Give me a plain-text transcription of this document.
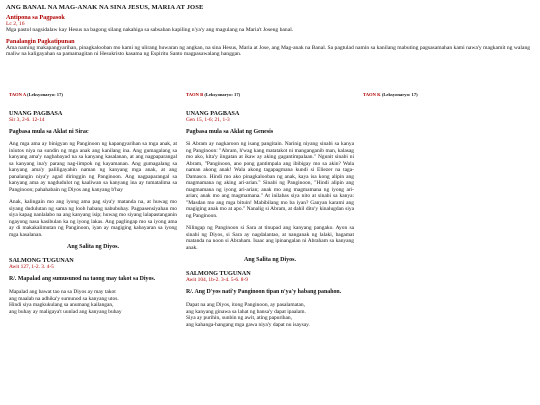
ANG BANAL NA MAG-ANAK NA SINA JESUS, MARIA AT JOSE
Antipona sa Pagpasok
Lc 2, 16

Mga pastol nagsidalaw kay Hesus na bagong silang nakahiga sa sabsaban kapiling n'ya'y ang magulang na Maria't Joseng banal.

Panalangin Pagkatipunan

Ama naming makapangyarihan, pinagkalooban mo kami ng ulirang huwaran ng angkan, na sina Hesus, Maria at Jose, ang Mag-anak na Banal. Sa pagtulad namin sa kanilang mabuting pagsasamahan kami nawa'y magkamit ng walang maliw na kaligayahan sa pamamagitan ni Hesukristo kasama ng Espiritu Santo magpasawalang hanggan.

TAON A (Leksyonaryo: 17)
UNANG PAGBASA
Sir 3, 2-6. 12-14
Pagbasa mula sa Aklat ni Sirac

Ang mga ama ay binigyan ng Panginoon ng kapangyarihan sa mga anak, at iniutos niya na sundin ng mga anak ang kanilang ina. Ang gumagalang sa kanyang ama'y nagbabayad na sa kanyang kasalanan, at ang nagpaparangal sa kanyang ina'y parang nag-iimpok ng kayamanan. Ang gumagalang sa kanyang ama'y paliligayahin naman ng kanyang mga anak, at ang panalangin niya'y agad diringgin ng Panginoon. Ang nagpaparangal sa kanyang ama ay nagdudulot ng kaaliwan sa kanyang ina ay tumatalima sa Panginoon; pahahabain ng Diyos ang kanyang b'hay

Anak, kalingain mo ang iyong ama pag siya'y matanda na, at huwag mo siyang dudulutan ng sama ng loob habang nabubuhay. Pagpasensiyahan mo siya kapag nanlalabo na ang kanyang isip; huwag mo siyang lalapastanganin ngayong nasa kasibulan ka ng iyong lakas. Ang paglingap mo sa iyong ama ay di makakalimutan ng Panginoon, iyan ay magiging kabayaran sa iyong mga kasalanan.

Ang Salita ng Diyos.
SALMONG TUGUNAN
Awit 127, 1-2. 3. 4-5

R/. Mapalad ang sumusunod na taong may takot sa Diyos.

Mapalad ang bawat tao na sa Diyos ay may takot

ang maalab na adhika'y sumunod sa kanyang utos.

Hindi siya magkukulang sa anumang kailangan,

ang buhay ay maligaya't uunlad ang kanyang buhay

TAON B (Leksyonaryo: 17)
UNANG PAGBASA
Gen 15, 1-6; 21, 1-3
Pagbasa mula sa Aklat ng Genesis

Si Abram ay nagkaroon ng isang pangitain. Narinig niyang sinabi sa kanya ng Panginoon: "Abram, h'wag kang matatakot ni manganganib man, kalasag mo ako, kita'y iingatan at ikaw ay aking gagantimpalaan." Ngunit sinabi ni Abram, "Panginoon, ano pong gantimpala ang ibibigay mo sa akin? Wala naman akong anak! Wala akong tagapagmana kundi si Eliezer na taga-Damasco. Hindi mo ako pinagkalooban ng anak, kaya isa kong alipin ang magmamana ng aking ari-arian." Sinabi ng Panginoon, "Hindi alipin ang magmamana ng iyong ari-arian; anak mo ang magmamana ng iyong ari-arian; anak mo ang magmamana." At inilabas siya nito at sinabi sa kanya: "Masdan mo ang mga bituin! Mabibilang mo ba iyan? Ganyan karami ang magiging anak mo at apo." Nanalig si Abram, at dahil dito'y kinalugdan siya ng Panginoon.

Nilingap ng Panginoon si Sara at tinupad ang kanyang pangako. Ayon sa sinabi ng Diyos, si Sara ay nagdalantao, at nanganak ng lalaki, bagamat matanda na noon si Abraham. Isaac ang ipinangalan ni Abraham sa kanyang anak.

Ang Salita ng Diyos.
SALMONG TUGUNAN
Awit 104, 1b-2. 3-4. 5-6. 8-9

R/. Ang D'yos nati'y Panginoon tipan n'ya'y habang panahon.

Dapat na ang Diyos, itong Panginoon, ay pasalamatan,

ang kanyang ginawa sa lahat ng bansa'y dapat ipaalam.

Siya ay purihin, sunbin ng awit, ating papurihan,

ang kahanga-hangang mga gawa niya'y dapat nu isaysay.

TAON K (Leksyonaryo: 17)
